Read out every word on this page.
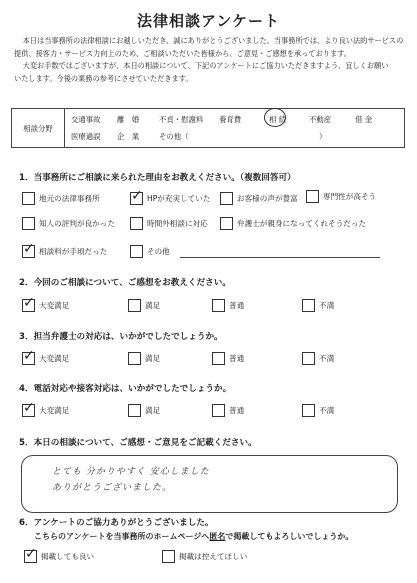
法律相談アンケート

本日は当事務所の法律相談にお越しいただき、誠にありがとうございました。当事務所では、より良い法的サービスの

提供、接客力・サービス力向上のため、ご相談いただいた皆様から、ご意見・ご感想を承っております。

大変お手数ではございますが、本日の相談について、下記のアンケートにご協力いただきますよう、宜しくお願い

いたします。今後の業務の参考にさせていただきます。

相談分野	
交通事故	離　婚	不貞・慰謝料	養育費	相 続	不動産	借 金
医療過誤	企　業	その他（	）
1．当事務所にご相談に来られた理由をお教えください。（複数回答可）
地元の法律事務所
✓	HPが充実していた	お客様の声が豊富	専門性が高そう
知人の評判が良かった	時間外相談に対応	弁護士が親身になってくれそうだった
✓
相談料が手頃だった	その他
2．今回のご相談について、ご感想をお教えください。
✓
大変満足	満足	普通	不満
3．担当弁護士の対応は、いかがでしたでしょうか。
✓
大変満足	満足	普通	不満
4．電話対応や接客対応は、いかがでしたでしょうか。
✓
大変満足	満足	普通	不満
5．本日の相談について、ご感想・ご意見をご記載ください。
とても 分かりやすく 安心しました
ありがとうございました。
6．アンケートのご協力ありがとうございました。
こちらのアンケートを当事務所のホームページへ匿名で掲載してもよろしいでしょうか。
✓
掲載しても良い	掲載は控えてほしい
